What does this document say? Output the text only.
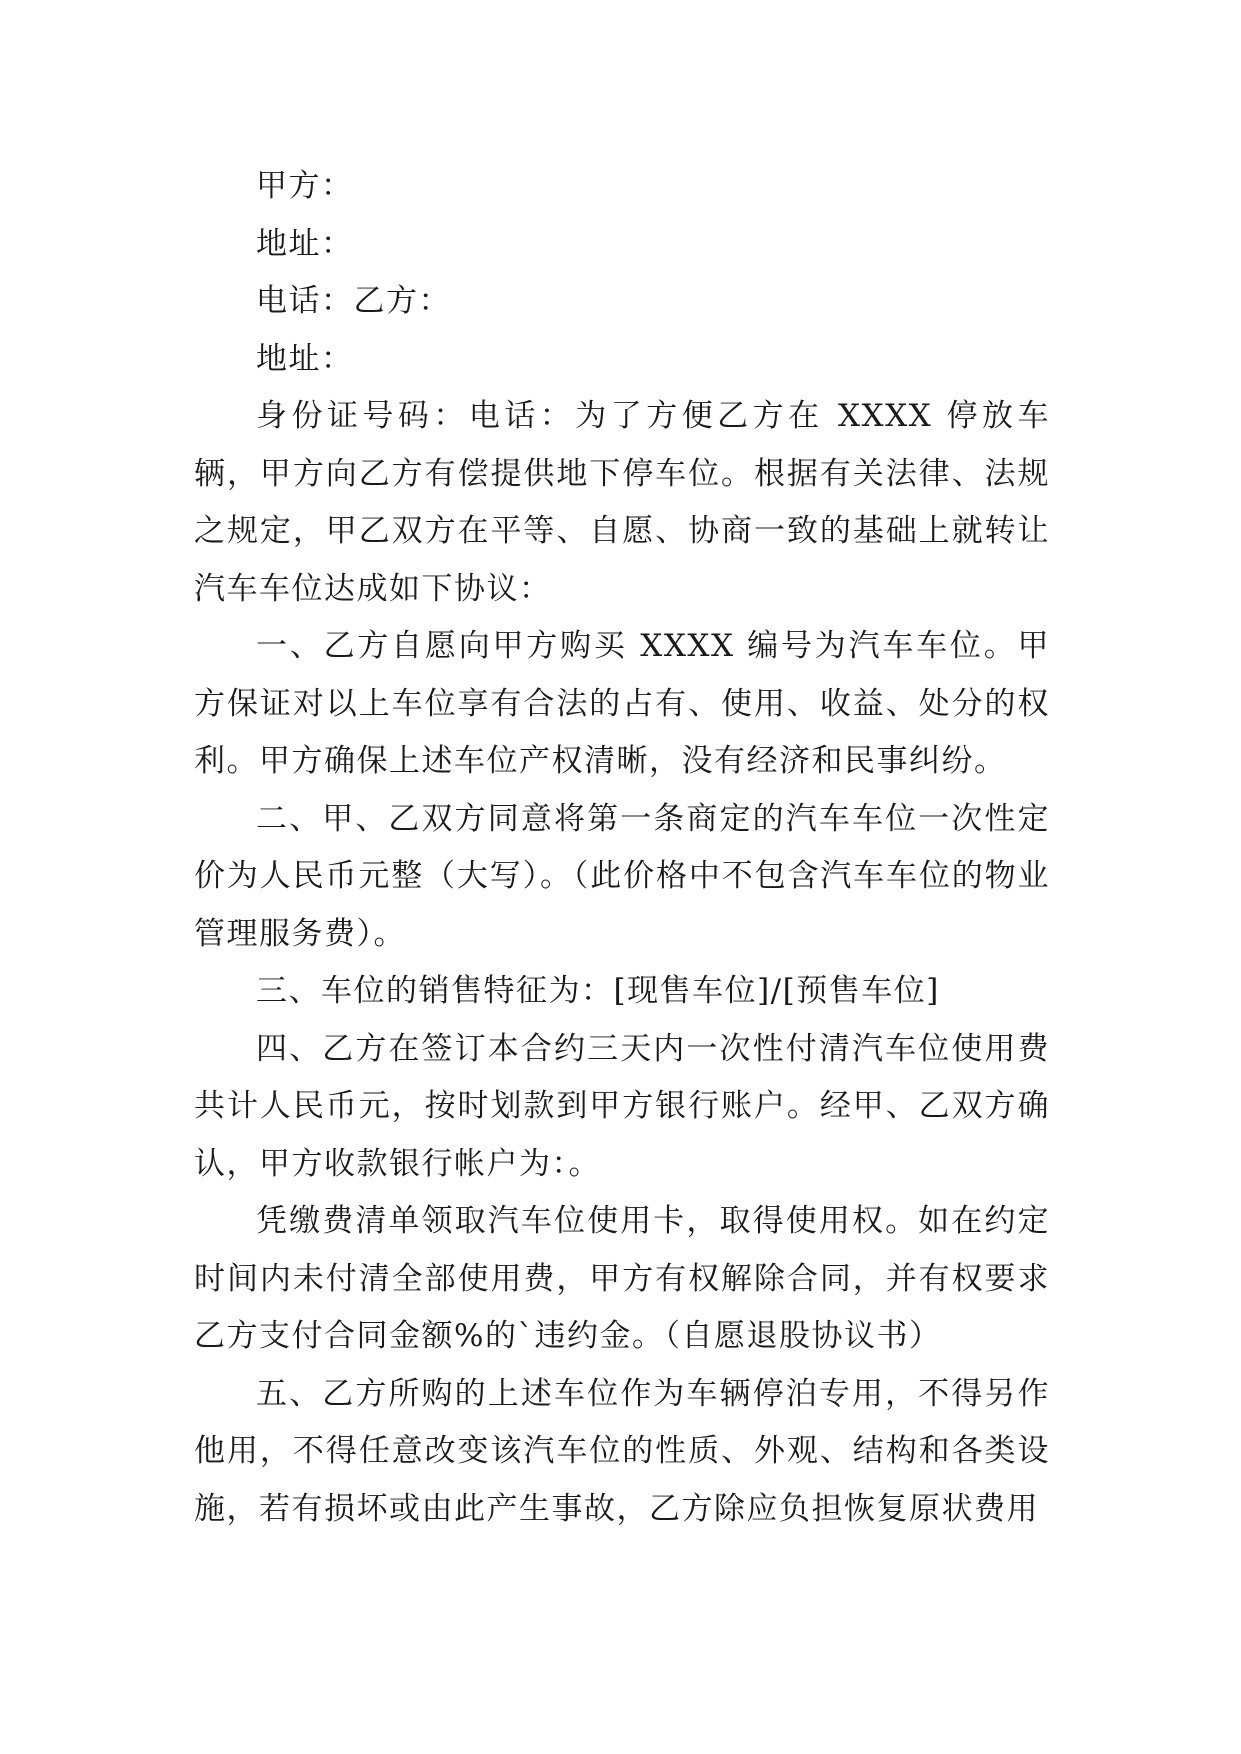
甲方：

地址：

电话：乙方：

地址：

身份证号码：电话：为了方便乙方在 XXXX 停放车辆，甲方向乙方有偿提供地下停车位。根据有关法律、法规之规定，甲乙双方在平等、自愿、协商一致的基础上就转让汽车车位达成如下协议：

一、乙方自愿向甲方购买 XXXX 编号为汽车车位。甲方保证对以上车位享有合法的占有、使用、收益、处分的权利。甲方确保上述车位产权清晰，没有经济和民事纠纷。

二、甲、乙双方同意将第一条商定的汽车车位一次性定价为人民币元整（大写）。（此价格中不包含汽车车位的物业管理服务费）。

三、车位的销售特征为：[现售车位]/[预售车位]

四、乙方在签订本合约三天内一次性付清汽车位使用费共计人民币元，按时划款到甲方银行账户。经甲、乙双方确认，甲方收款银行帐户为：。

凭缴费清单领取汽车位使用卡，取得使用权。如在约定时间内未付清全部使用费，甲方有权解除合同，并有权要求乙方支付合同金额%的`违约金。（自愿退股协议书）

五、乙方所购的上述车位作为车辆停泊专用，不得另作他用，不得任意改变该汽车位的性质、外观、结构和各类设施，若有损坏或由此产生事故，乙方除应负担恢复原状费用
